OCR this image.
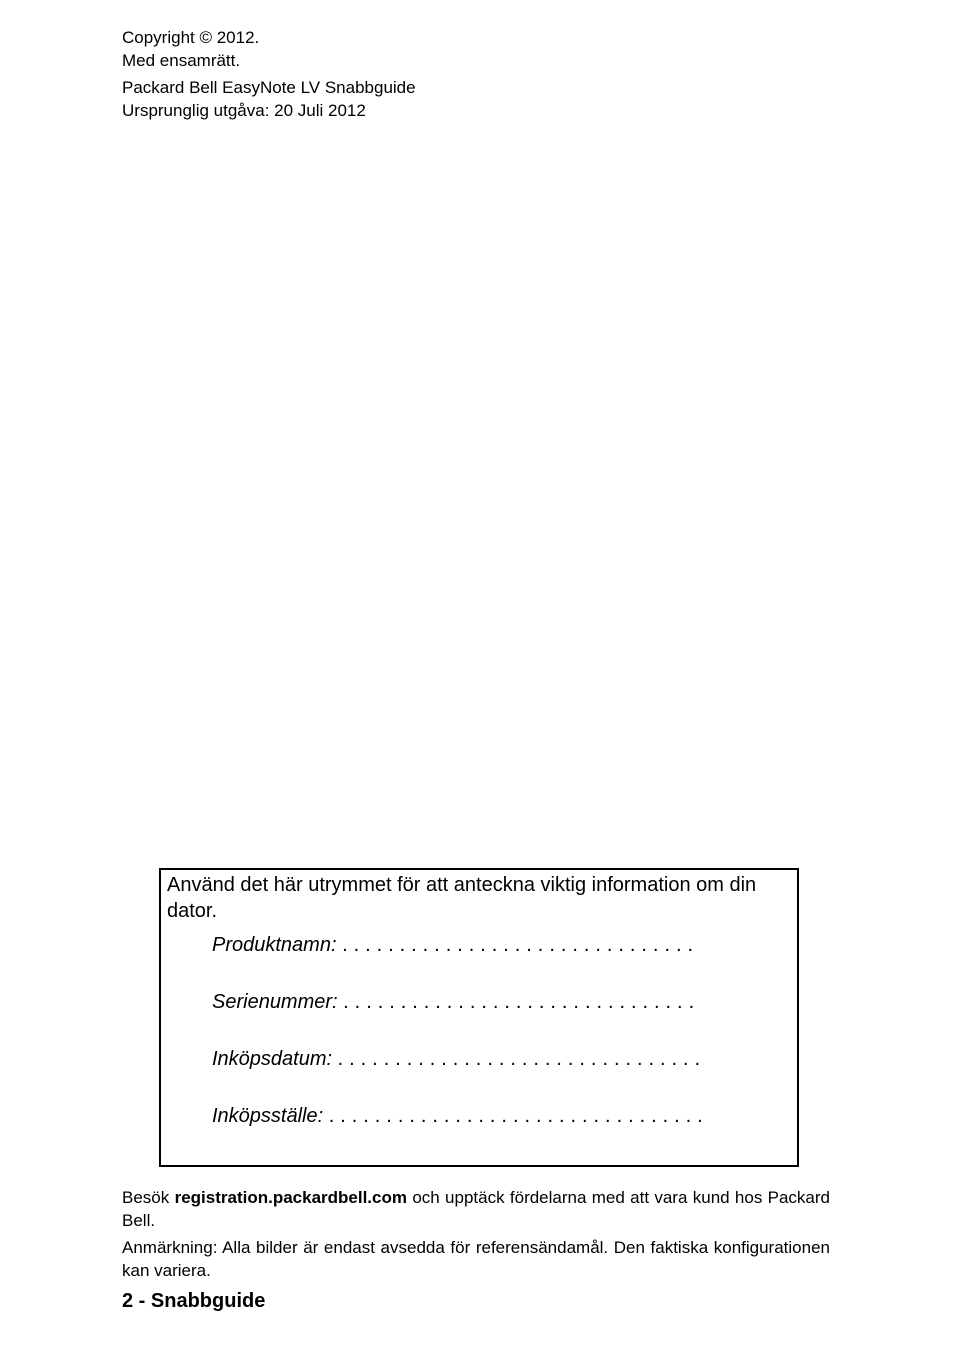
Copyright © 2012.
Med ensamrätt.
Packard Bell EasyNote LV Snabbguide
Ursprunglig utgåva: 20 Juli 2012
Använd det här utrymmet för att anteckna viktig information om din dator.
Produktnamn: . . . . . . . . . . . . . . . . . . . . . . . . . . . . . . .
Serienummer: . . . . . . . . . . . . . . . . . . . . . . . . . . . . . . .
Inköpsdatum: . . . . . . . . . . . . . . . . . . . . . . . . . . . . . . . .
Inköpsställe: . . . . . . . . . . . . . . . . . . . . . . . . . . . . . . . . .
Besök registration.packardbell.com och upptäck fördelarna med att vara kund hos Packard Bell.
Anmärkning: Alla bilder är endast avsedda för referensändamål. Den faktiska konfigurationen kan variera.
2 - Snabbguide
